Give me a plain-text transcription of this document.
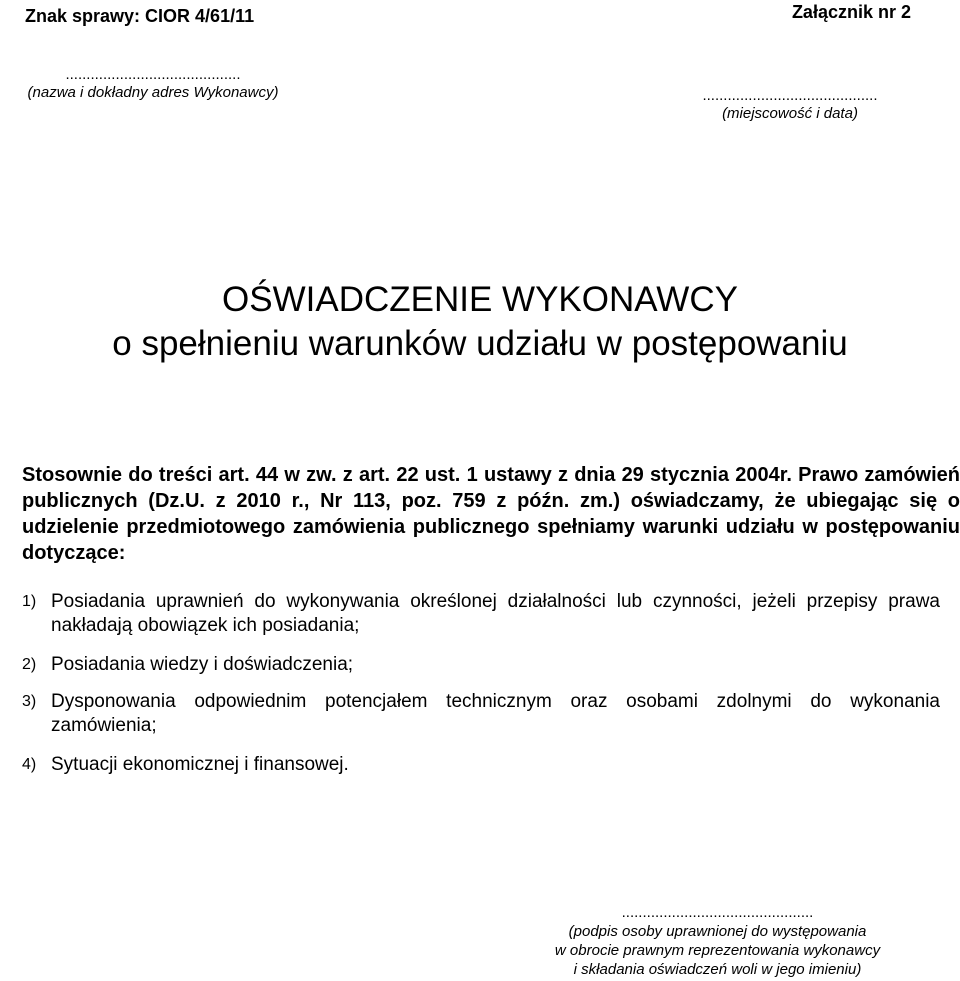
Znak sprawy: CIOR 4/61/11	Załącznik nr 2
..........................................
(nazwa i dokładny adres Wykonawcy)	..........................................
(miejscowość i data)
OŚWIADCZENIE WYKONAWCY
o spełnieniu warunków udziału w postępowaniu
Stosownie do treści art. 44 w zw. z art. 22 ust. 1 ustawy z dnia 29 stycznia 2004r. Prawo zamówień publicznych (Dz.U. z 2010 r., Nr 113, poz. 759 z późn. zm.) oświadczamy, że ubiegając się o udzielenie przedmiotowego zamówienia publicznego spełniamy warunki udziału w postępowaniu dotyczące:
1) Posiadania uprawnień do wykonywania określonej działalności lub czynności, jeżeli przepisy prawa nakładają obowiązek ich posiadania;
2) Posiadania wiedzy i doświadczenia;
3) Dysponowania odpowiednim potencjałem technicznym oraz osobami zdolnymi do wykonania zamówienia;
4) Sytuacji ekonomicznej i finansowej.
..............................................
(podpis osoby uprawnionej do występowania
w obrocie prawnym reprezentowania wykonawcy
i składania oświadczeń woli w jego imieniu)
